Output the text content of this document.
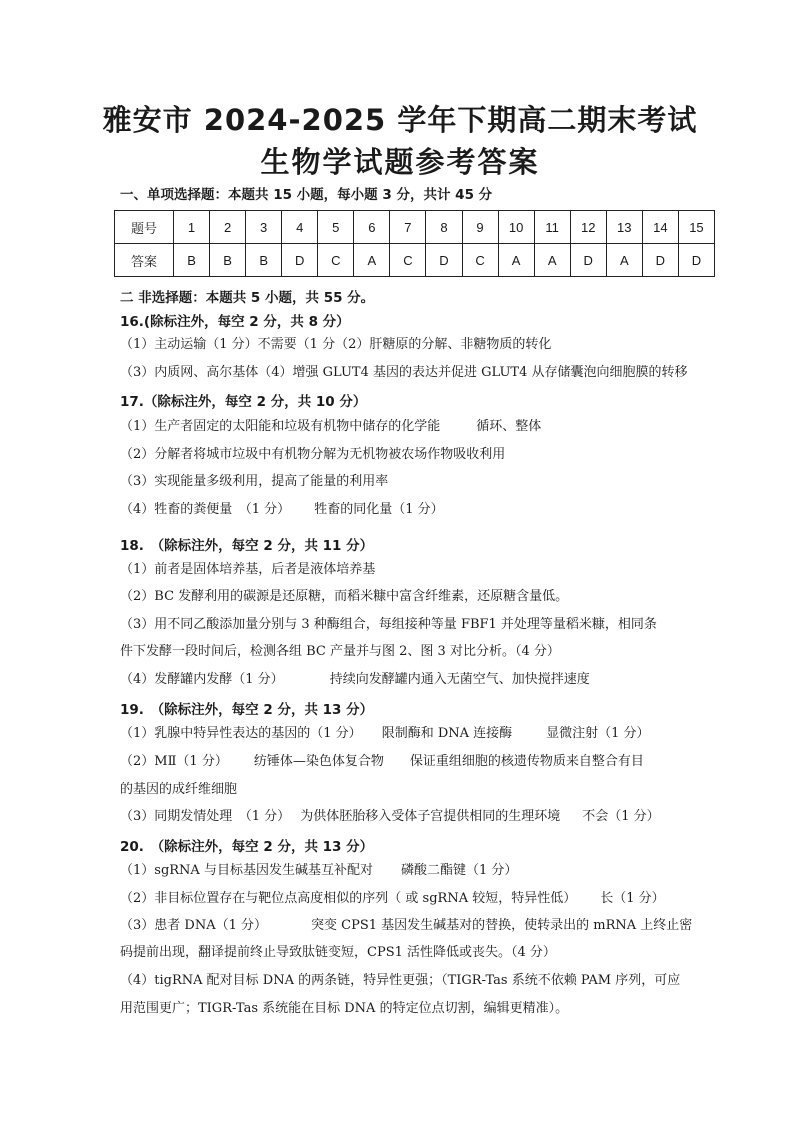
雅安市 2024-2025 学年下期高二期末考试
生物学试题参考答案
一、单项选择题：本题共 15 小题，每小题 3 分，共计 45 分
题号	1	2	3	4	5	6	7	8	9	10	11	12	13	14	15
答案	B	B	B	D	C	A	C	D	C	A	A	D	A	D	D
二 非选择题：本题共 5 小题，共 55 分。
16.(除标注外，每空 2 分，共 8 分）
（1）主动运输（1 分）不需要（1 分（2）肝糖原的分解、非糖物质的转化
（3）内质网、高尔基体（4）增强 GLUT4 基因的表达并促进 GLUT4 从存储囊泡向细胞膜的转移
17.（除标注外，每空 2 分，共 10 分）
（1）生产者固定的太阳能和垃圾有机物中储存的化学能	循环、整体
（2）分解者将城市垃圾中有机物分解为无机物被农场作物吸收利用
（3）实现能量多级利用，提高了能量的利用率
（4）牲畜的粪便量　（1 分） 牲畜的同化量（1 分）
18.　（除标注外，每空 2 分，共 11 分）
（1）前者是固体培养基，后者是液体培养基
（2）BC 发酵利用的碳源是还原糖，而稻米糠中富含纤维素，还原糖含量低。
（3）用不同乙酸添加量分别与 3 种酶组合，每组接种等量 FBF1 并处理等量稻米糠，相同条
件下发酵一段时间后，检测各组 BC 产量并与图 2、图 3 对比分析。（4 分）
（4）发酵罐内发酵（1 分）	持续向发酵罐内通入无菌空气、加快搅拌速度
19.　（除标注外，每空 2 分，共 13 分）
（1）乳腺中特异性表达的基因的（1 分） 限制酶和 DNA 连接酶	显微注射（1 分）
（2）MⅡ（1 分） 纺锤体—染色体复合物 保证重组细胞的核遗传物质来自整合有目
的基因的成纤维细胞
（3）同期发情处理　（1 分） 为供体胚胎移入受体子宫提供相同的生理环境 不会（1 分）
20.　（除标注外，每空 2 分，共 13 分）
（1）sgRNA 与目标基因发生碱基互补配对 磷酸二酯键（1 分）
（2）非目标位置存在与靶位点高度相似的序列（ 或 sgRNA 较短，特异性低） 长（1 分）
（3）患者 DNA（1 分）	突变 CPS1 基因发生碱基对的替换，使转录出的 mRNA 上终止密
码提前出现，翻译提前终止导致肽链变短，CPS1 活性降低或丧失。（4 分）
（4）tigRNA 配对目标 DNA 的两条链，特异性更强；（TIGR-Tas 系统不依赖 PAM 序列，可应
用范围更广；TIGR-Tas 系统能在目标 DNA 的特定位点切割，编辑更精准）。
